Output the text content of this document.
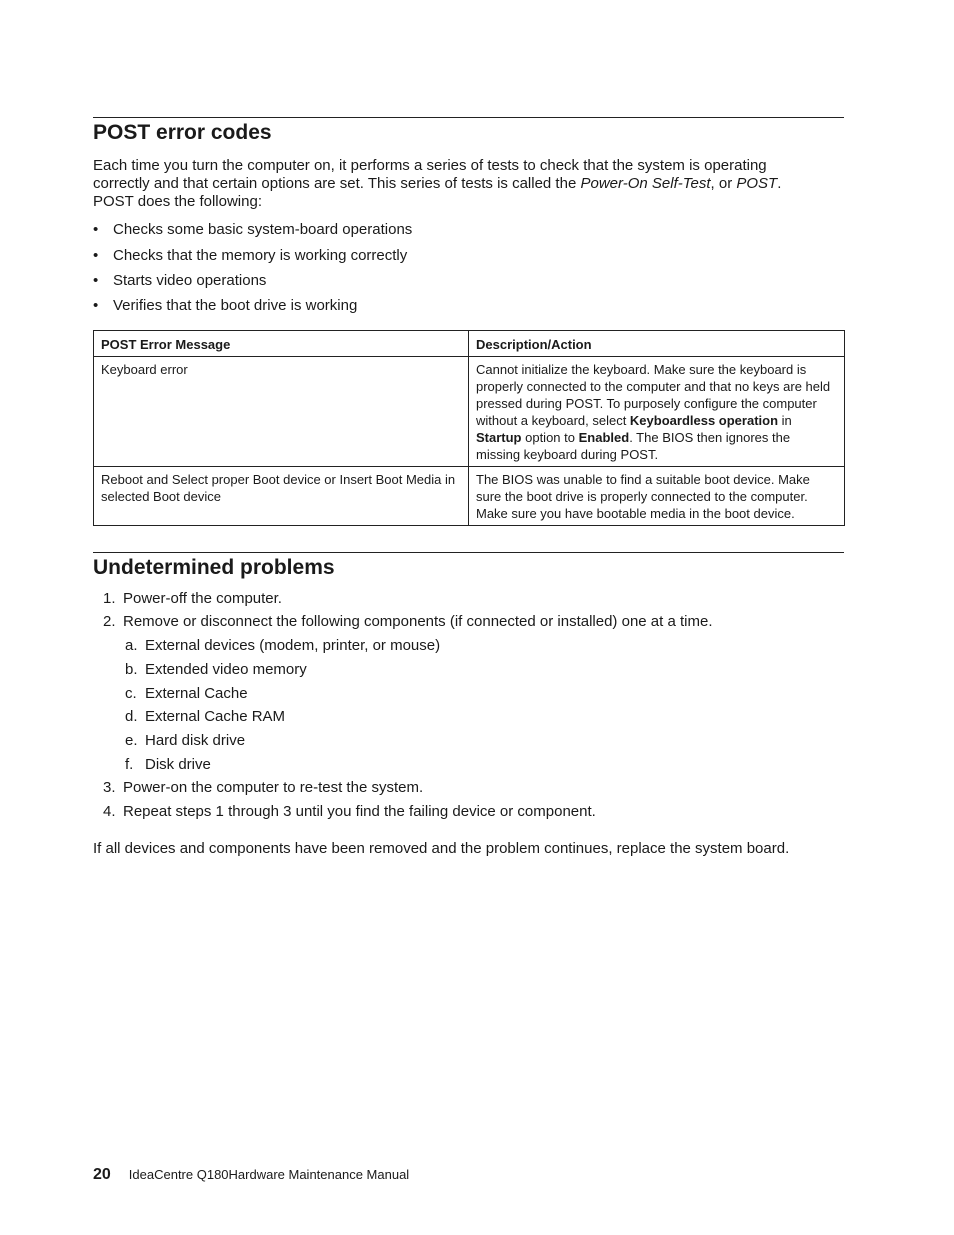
POST error codes

Each time you turn the computer on, it performs a series of tests to check that the system is operating correctly and that certain options are set. This series of tests is called the Power-On Self-Test, or POST. POST does the following:

• Checks some basic system-board operations
• Checks that the memory is working correctly
• Starts video operations
• Verifies that the boot drive is working
POST Error Message	Description/Action
Keyboard error	Cannot initialize the keyboard. Make sure the keyboard is properly connected to the computer and that no keys are held pressed during POST. To purposely configure the computer without a keyboard, select Keyboardless operation in Startup option to Enabled. The BIOS then ignores the missing keyboard during POST.
Reboot and Select proper Boot device or Insert Boot Media in selected Boot device	The BIOS was unable to find a suitable boot device. Make sure the boot drive is properly connected to the computer. Make sure you have bootable media in the boot device.
Undetermined problems
1. Power-off the computer.
2. Remove or disconnect the following components (if connected or installed) one at a time.
a. External devices (modem, printer, or mouse)
b. Extended video memory
c. External Cache
d. External Cache RAM
e. Hard disk drive
f. Disk drive
3. Power-on the computer to re-test the system.
4. Repeat steps 1 through 3 until you find the failing device or component.

If all devices and components have been removed and the problem continues, replace the system board.

20 IdeaCentre Q180Hardware Maintenance Manual
